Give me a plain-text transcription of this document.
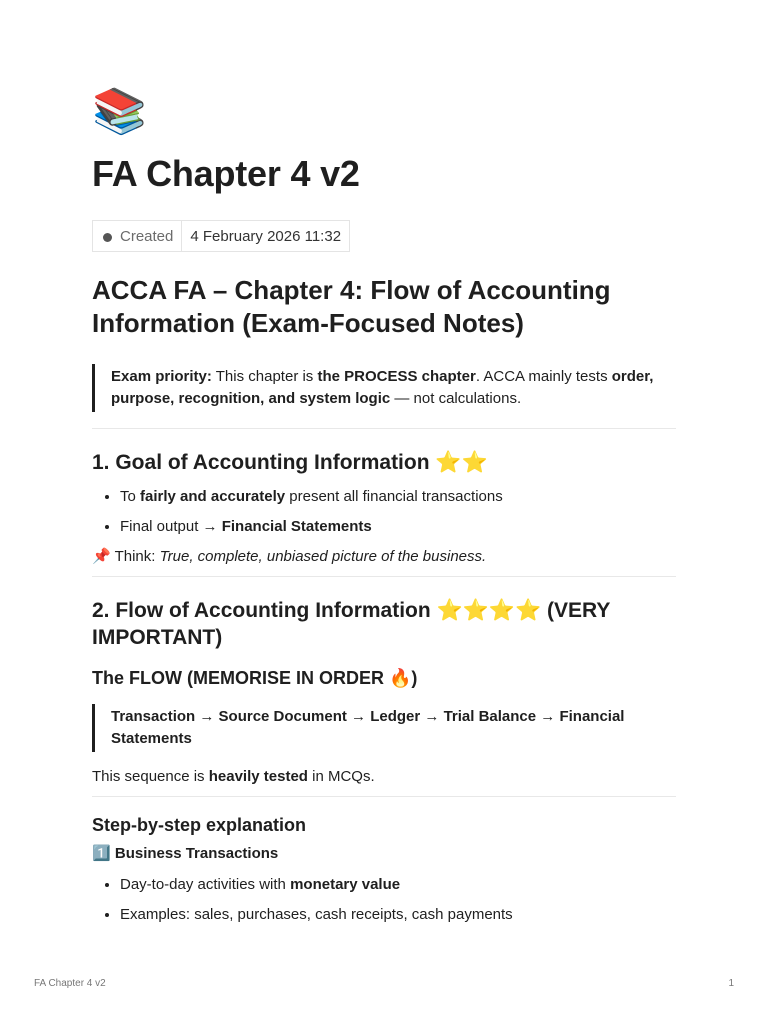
📚
FA Chapter 4 v2
Created	4 February 2026 11:32
ACCA FA – Chapter 4: Flow of Accounting Information (Exam-Focused Notes)
Exam priority: This chapter is the PROCESS chapter. ACCA mainly tests order, purpose, recognition, and system logic — not calculations.
1. Goal of Accounting Information ⭐⭐
• To fairly and accurately present all financial transactions
• Final output → Financial Statements

📌 Think: True, complete, unbiased picture of the business.

2. Flow of Accounting Information ⭐⭐⭐⭐ (VERY IMPORTANT)
The FLOW (MEMORISE IN ORDER 🔥)
Transaction → Source Document → Ledger → Trial Balance → Financial Statements

This sequence is heavily tested in MCQs.

Step-by-step explanation

1️⃣ Business Transactions

• Day-to-day activities with monetary value
• Examples: sales, purchases, cash receipts, cash payments
FA Chapter 4 v2	1
